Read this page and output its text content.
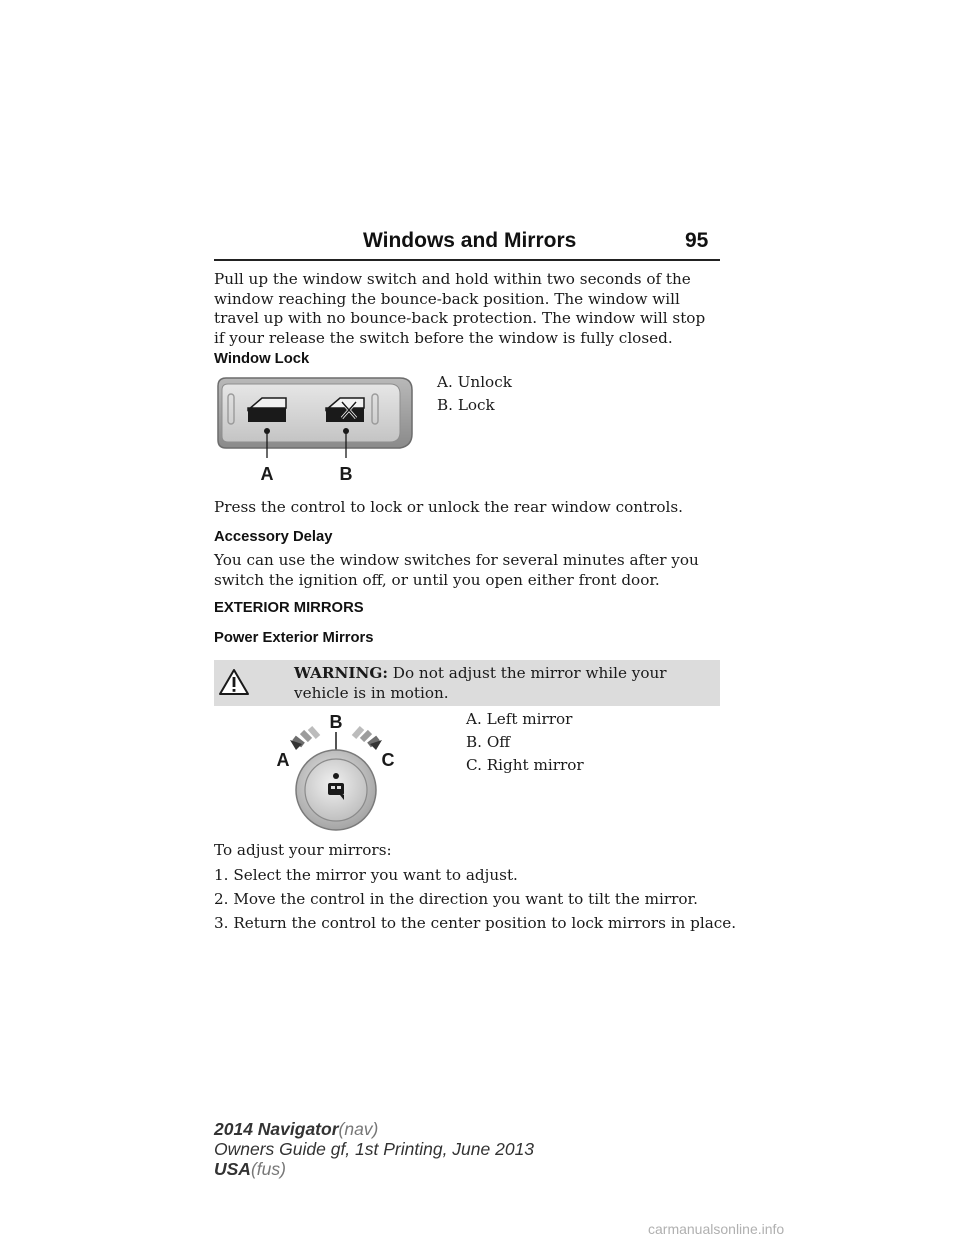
Windows and Mirrors	95

Pull up the window switch and hold within two seconds of the window reaching the bounce-back position. The window will travel up with no bounce-back protection. The window will stop if your release the switch before the window is fully closed.

Window Lock
A	B
A. Unlock
B. Lock

Press the control to lock or unlock the rear window controls.

Accessory Delay

You can use the window switches for several minutes after you switch the ignition off, or until you open either front door.

EXTERIOR MIRRORS
Power Exterior Mirrors
WARNING: Do not adjust the mirror while your vehicle is in motion.
B
A	C
A. Left mirror
B. Off
C. Right mirror
To adjust your mirrors:
1. Select the mirror you want to adjust.
2. Move the control in the direction you want to tilt the mirror.
3. Return the control to the center position to lock mirrors in place.
2014 Navigator(nav)
Owners Guide gf, 1st Printing, June 2013
USA(fus)
carmanualsonline.info
